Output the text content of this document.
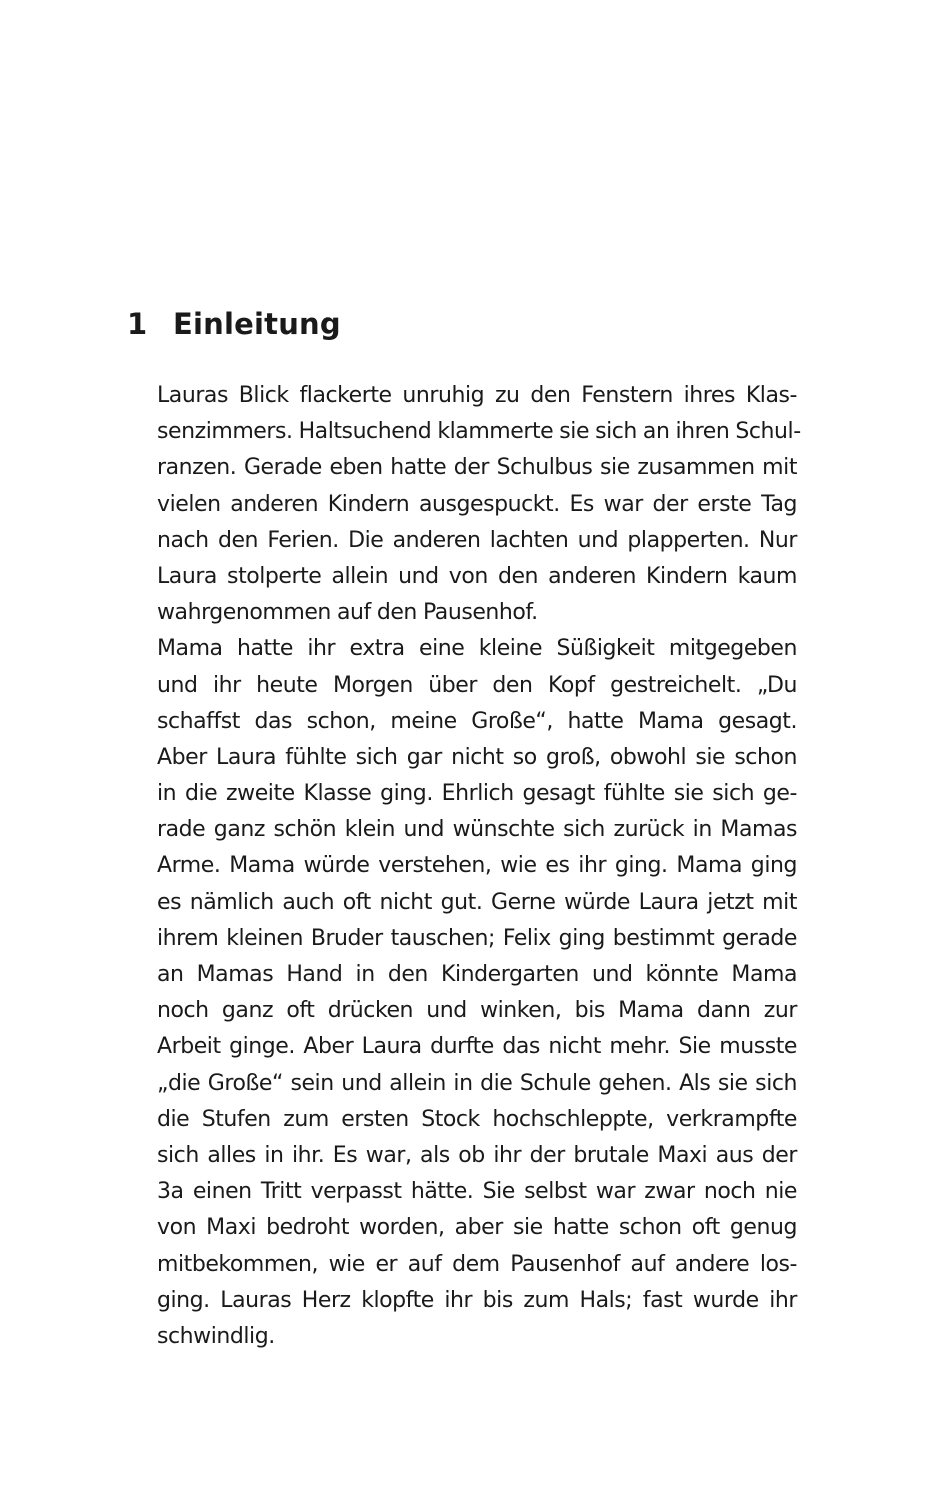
1 Einleitung
Lauras Blick flackerte unruhig zu den Fenstern ihres Klas-
senzimmers. Haltsuchend klammerte sie sich an ihren Schul-
ranzen. Gerade eben hatte der Schulbus sie zusammen mit
vielen anderen Kindern ausgespuckt. Es war der erste Tag
nach den Ferien. Die anderen lachten und plapperten. Nur
Laura stolperte allein und von den anderen Kindern kaum
wahrgenommen auf den Pausenhof.
Mama hatte ihr extra eine kleine Süßigkeit mitgegeben
und ihr heute Morgen über den Kopf gestreichelt. „Du
schaffst das schon, meine Große“, hatte Mama gesagt.
Aber Laura fühlte sich gar nicht so groß, obwohl sie schon
in die zweite Klasse ging. Ehrlich gesagt fühlte sie sich ge-
rade ganz schön klein und wünschte sich zurück in Mamas
Arme. Mama würde verstehen, wie es ihr ging. Mama ging
es nämlich auch oft nicht gut. Gerne würde Laura jetzt mit
ihrem kleinen Bruder tauschen; Felix ging bestimmt gerade
an Mamas Hand in den Kindergarten und könnte Mama
noch ganz oft drücken und winken, bis Mama dann zur
Arbeit ginge. Aber Laura durfte das nicht mehr. Sie musste
„die Große“ sein und allein in die Schule gehen. Als sie sich
die Stufen zum ersten Stock hochschleppte, verkrampfte
sich alles in ihr. Es war, als ob ihr der brutale Maxi aus der
3a einen Tritt verpasst hätte. Sie selbst war zwar noch nie
von Maxi bedroht worden, aber sie hatte schon oft genug
mitbekommen, wie er auf dem Pausenhof auf andere los-
ging. Lauras Herz klopfte ihr bis zum Hals; fast wurde ihr
schwindlig.
